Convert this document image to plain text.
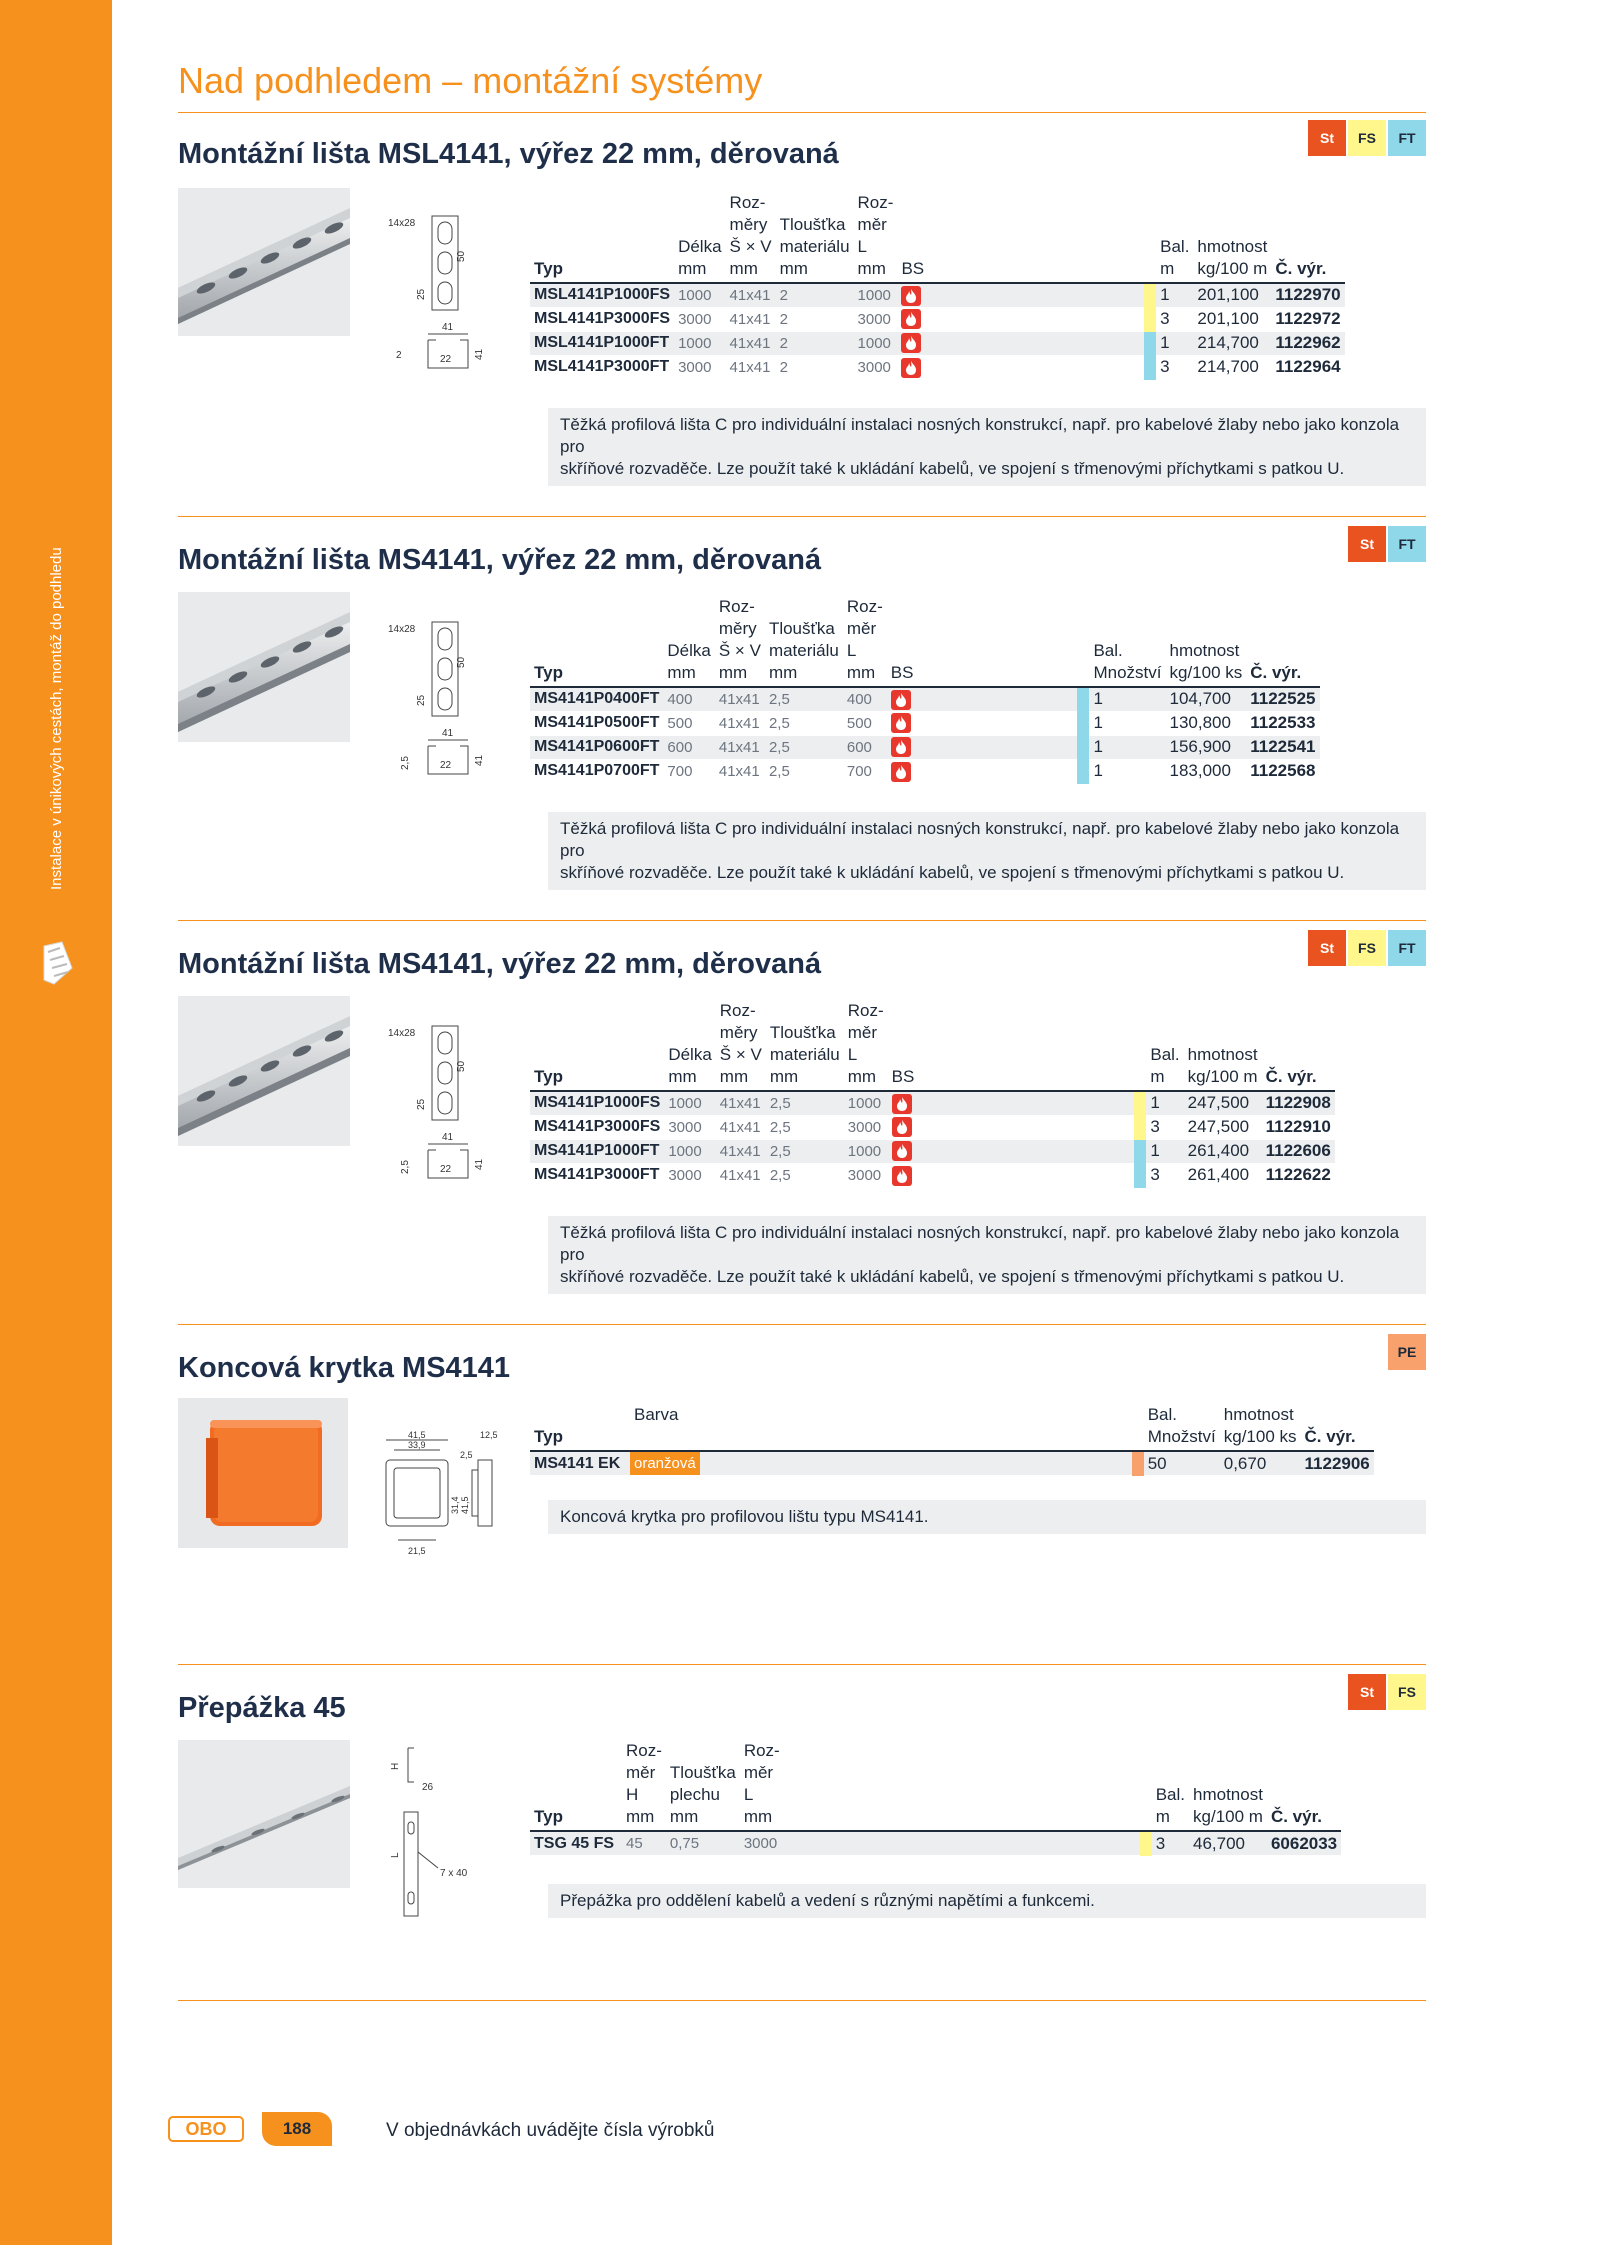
Instalace v únikových cestách, montáž do podhledu
Nad podhledem – montážní systémy
Montážní lišta MSL4141, výřez 22 mm, děrovaná	St	FS	FT
14x28
50
25
41
2	22 41
		Roz-		Roz-					
		měry	Tloušťka	měr					
	Délka	Š × V	materiálu	L			Bal.	hmotnost	
Typ	mm	mm	mm	mm	BS		m	kg/100 m	Č. výr.
MSL4141P1000FS	1000	41x41	2	1000			1	201,100	1122970
MSL4141P3000FS	3000	41x41	2	3000			3	201,100	1122972
MSL4141P1000FT	1000	41x41	2	1000			1	214,700	1122962
MSL4141P3000FT	3000	41x41	2	3000			3	214,700	1122964
Těžká profilová lišta C pro individuální instalaci nosných konstrukcí, např. pro kabelové žlaby nebo jako konzola pro
skříňové rozvaděče. Lze použít také k ukládání kabelů, ve spojení s třmenovými příchytkami s patkou U.
Montážní lišta MS4141, výřez 22 mm, děrovaná	St	FT
14x28
50
25
41
2,5	22 41
		Roz-		Roz-					
		měry	Tloušťka	měr					
	Délka	Š × V	materiálu	L			Bal.	hmotnost	
Typ	mm	mm	mm	mm	BS		Množství	kg/100 ks	Č. výr.
MS4141P0400FT	400	41x41	2,5	400			1	104,700	1122525
MS4141P0500FT	500	41x41	2,5	500			1	130,800	1122533
MS4141P0600FT	600	41x41	2,5	600			1	156,900	1122541
MS4141P0700FT	700	41x41	2,5	700			1	183,000	1122568
Těžká profilová lišta C pro individuální instalaci nosných konstrukcí, např. pro kabelové žlaby nebo jako konzola pro
skříňové rozvaděče. Lze použít také k ukládání kabelů, ve spojení s třmenovými příchytkami s patkou U.
Montážní lišta MS4141, výřez 22 mm, děrovaná	St	FS	FT
14x28
50
25
41
2,5	22 41
		Roz-		Roz-					
		měry	Tloušťka	měr					
	Délka	Š × V	materiálu	L			Bal.	hmotnost	
Typ	mm	mm	mm	mm	BS		m	kg/100 m	Č. výr.
MS4141P1000FS	1000	41x41	2,5	1000			1	247,500	1122908
MS4141P3000FS	3000	41x41	2,5	3000			3	247,500	1122910
MS4141P1000FT	1000	41x41	2,5	1000			1	261,400	1122606
MS4141P3000FT	3000	41x41	2,5	3000			3	261,400	1122622
Těžká profilová lišta C pro individuální instalaci nosných konstrukcí, např. pro kabelové žlaby nebo jako konzola pro
skříňové rozvaděče. Lze použít také k ukládání kabelů, ve spojení s třmenovými příchytkami s patkou U.
Koncová krytka MS4141	PE
41,5
33,9
12,5
2,5
31,4 41,5
21,5
	Barva		Bal.	hmotnost	
Typ			Množství	kg/100 ks	Č. výr.
MS4141 EK	oranžová		50	0,670	1122906
Koncová krytka pro profilovou lištu typu MS4141.
Přepážka 45	St	FS
H
26
L
7 x 40
	Roz-		Roz-				
	měr	Tloušťka	měr				
	H	plechu	L		Bal.	hmotnost	
Typ	mm	mm	mm		m	kg/100 m	Č. výr.
TSG 45 FS	45	0,75	3000		3	46,700	6062033
Přepážka pro oddělení kabelů a vedení s různými napětími a funkcemi.
OBO	188	V objednávkách uvádějte čísla výrobků
